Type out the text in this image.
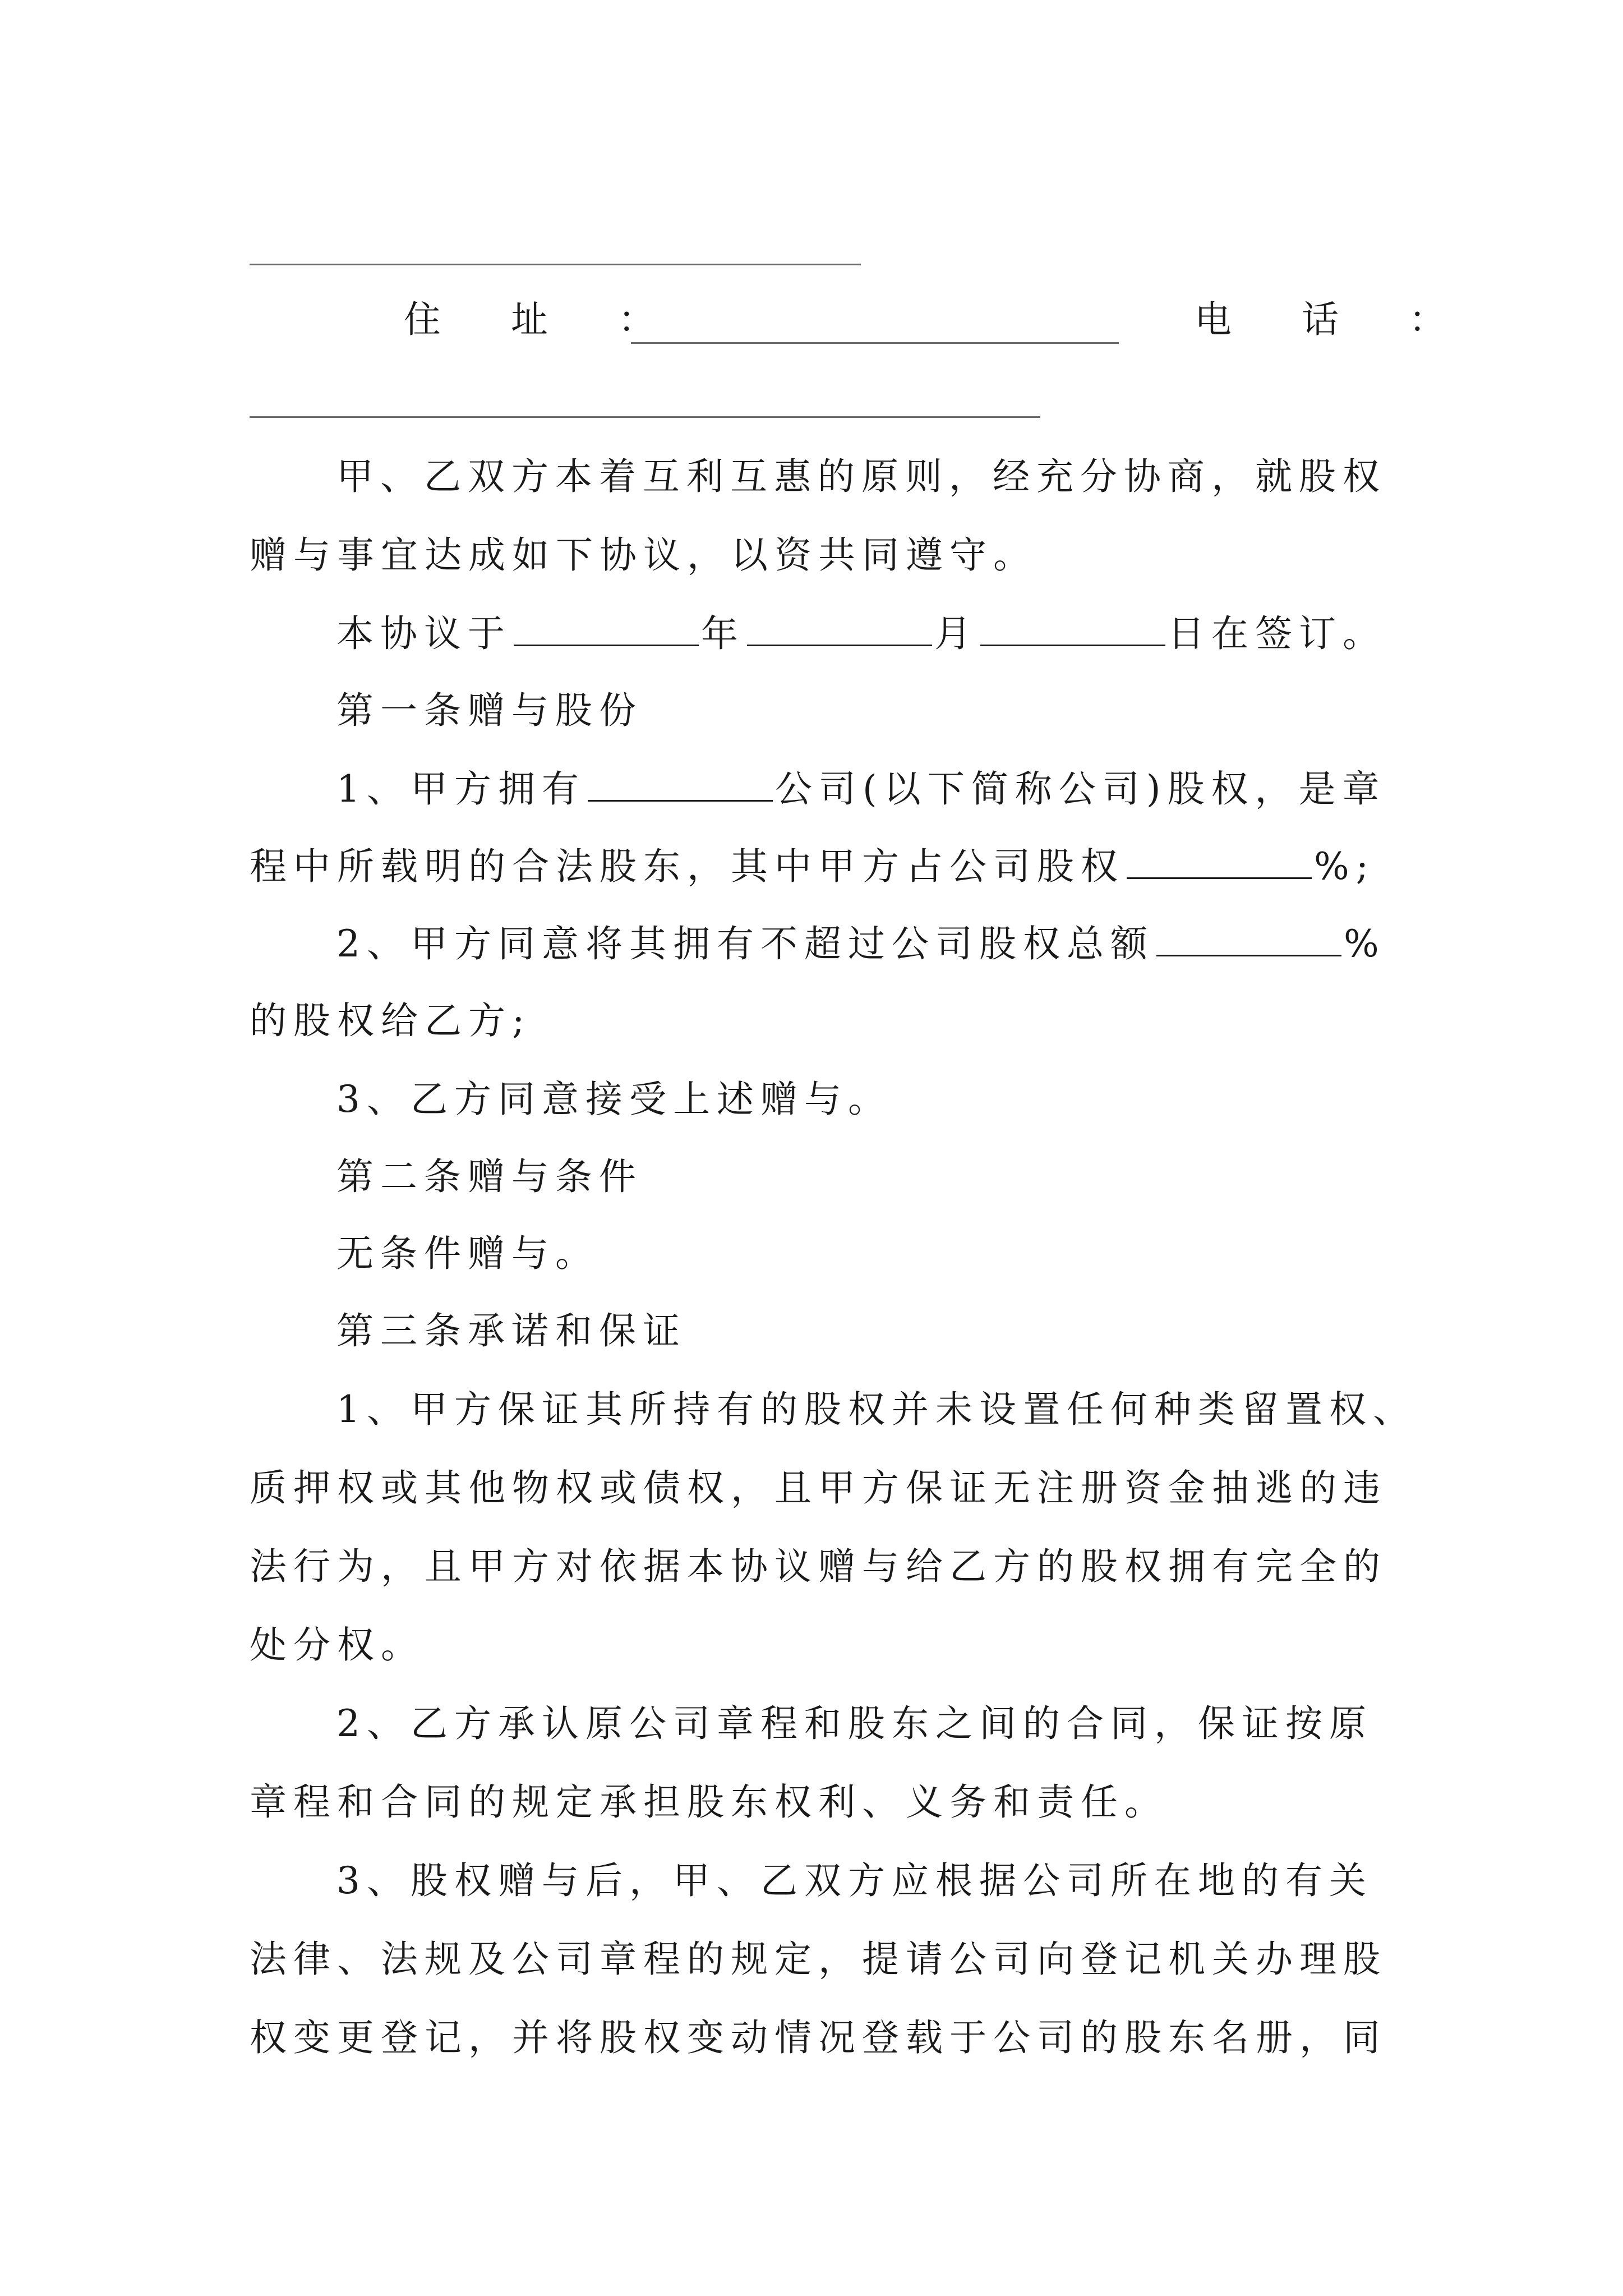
住 址 ：	电 话 ：
甲、乙双方本着互利互惠的原则，经充分协商，就股权
赠与事宜达成如下协议，以资共同遵守。
本协议于	年	月	日在签订。
第一条赠与股份
1、甲方拥有	公司(以下简称公司)股权，是章
程中所载明的合法股东，其中甲方占公司股权	%;
2、甲方同意将其拥有不超过公司股权总额	%
的股权给乙方;
3、乙方同意接受上述赠与。
第二条赠与条件
无条件赠与。
第三条承诺和保证
1、甲方保证其所持有的股权并未设置任何种类留置权、
质押权或其他物权或债权，且甲方保证无注册资金抽逃的违
法行为，且甲方对依据本协议赠与给乙方的股权拥有完全的
处分权。
2、乙方承认原公司章程和股东之间的合同，保证按原
章程和合同的规定承担股东权利、义务和责任。
3、股权赠与后，甲、乙双方应根据公司所在地的有关
法律、法规及公司章程的规定，提请公司向登记机关办理股
权变更登记，并将股权变动情况登载于公司的股东名册，同
